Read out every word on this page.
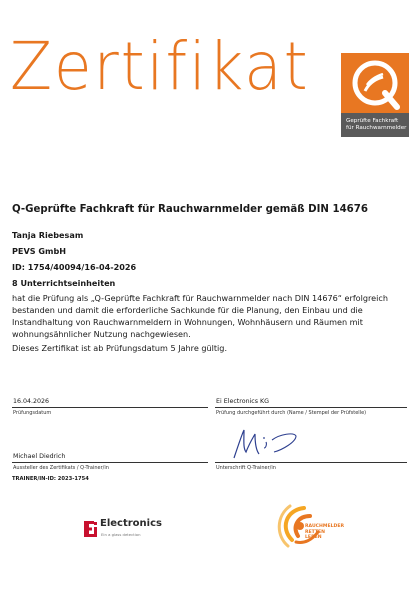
Zertifikat
Geprüfte Fachkraft
für Rauchwarnmelder
Q-Geprüfte Fachkraft für Rauchwarnmelder gemäß DIN 14676
Tanja Riebesam
PEVS GmbH
ID: 1754/40094/16-04-2026
8 Unterrichtseinheiten
hat die Prüfung als „Q-Geprüfte Fachkraft für Rauchwarnmelder nach DIN 14676“ erfolgreich bestanden und damit die erforderliche Sachkunde für die Planung, den Einbau und die Instandhaltung von Rauchwarnmeldern in Wohnungen, Wohnhäusern und Räumen mit wohnungsähnlicher Nutzung nachgewiesen.
Dieses Zertifikat ist ab Prüfungsdatum 5 Jahre gültig.
16.04.2026
Prüfungsdatum
Ei Electronics KG
Prüfung durchgeführt durch (Name / Stempel der Prüfstelle)
Michael Diedrich
Aussteller des Zertifikats / Q-Trainer/in	Unterschrift Q-Trainer/in
TRAINER/IN-ID: 2023-1754
Electronics
Ein a glass detection
RAUCHMELDER
RETTEN
LEBEN
